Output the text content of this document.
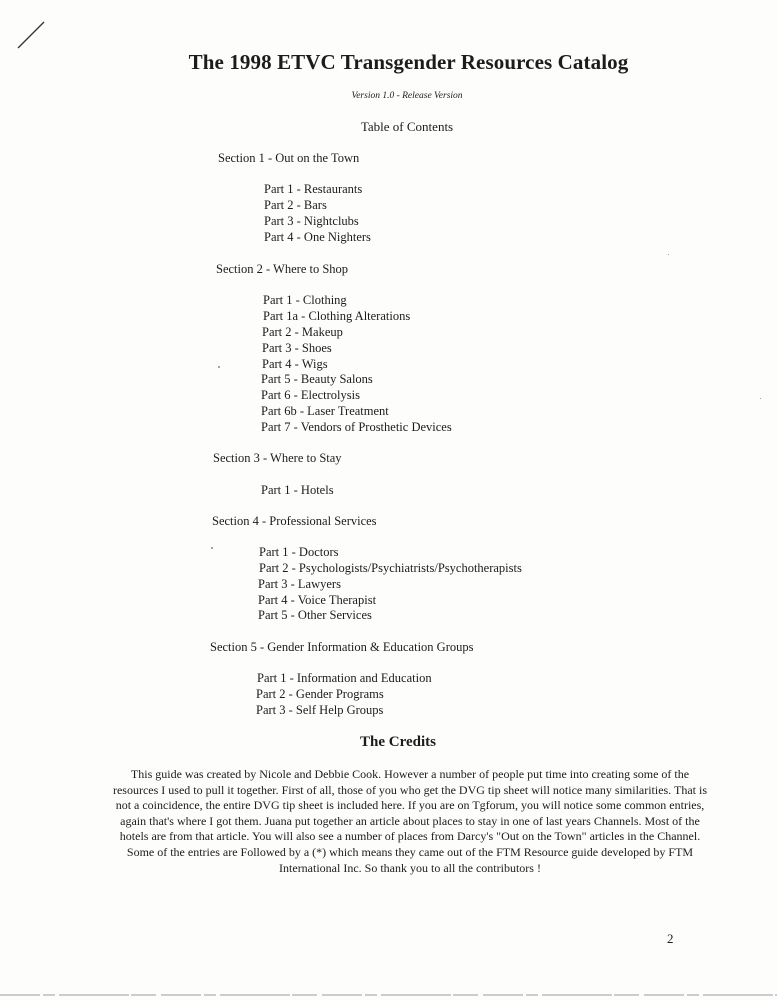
The 1998 ETVC Transgender Resources Catalog
Version 1.0 - Release Version
Table of Contents
Section 1 - Out on the Town
Part 1 - Restaurants
Part 2 - Bars
Part 3 - Nightclubs
Part 4 - One Nighters
Section 2 - Where to Shop
Part 1 - Clothing
Part 1a - Clothing Alterations
Part 2 - Makeup
Part 3 - Shoes
Part 4 - Wigs
Part 5 - Beauty Salons
Part 6 - Electrolysis
Part 6b - Laser Treatment
Part 7 - Vendors of Prosthetic Devices
Section 3 - Where to Stay
Part 1 - Hotels
Section 4 - Professional Services
Part 1 - Doctors
Part 2 - Psychologists/Psychiatrists/Psychotherapists
Part 3 - Lawyers
Part 4 - Voice Therapist
Part 5 - Other Services
Section 5 - Gender Information & Education Groups
Part 1 - Information and Education
Part 2 - Gender Programs
Part 3 - Self Help Groups
The Credits
This guide was created by Nicole and Debbie Cook. However a number of people put time into creating some of the resources I used to pull it together. First of all, those of you who get the DVG tip sheet will notice many similarities. That is not a coincidence, the entire DVG tip sheet is included here. If you are on Tgforum, you will notice some common entries, again that's where I got them. Juana put together an article about places to stay in one of last years Channels. Most of the hotels are from that article. You will also see a number of places from Darcy's "Out on the Town" articles in the Channel. Some of the entries are Followed by a (*) which means they came out of the FTM Resource guide developed by FTM International Inc. So thank you to all the contributors !
2
